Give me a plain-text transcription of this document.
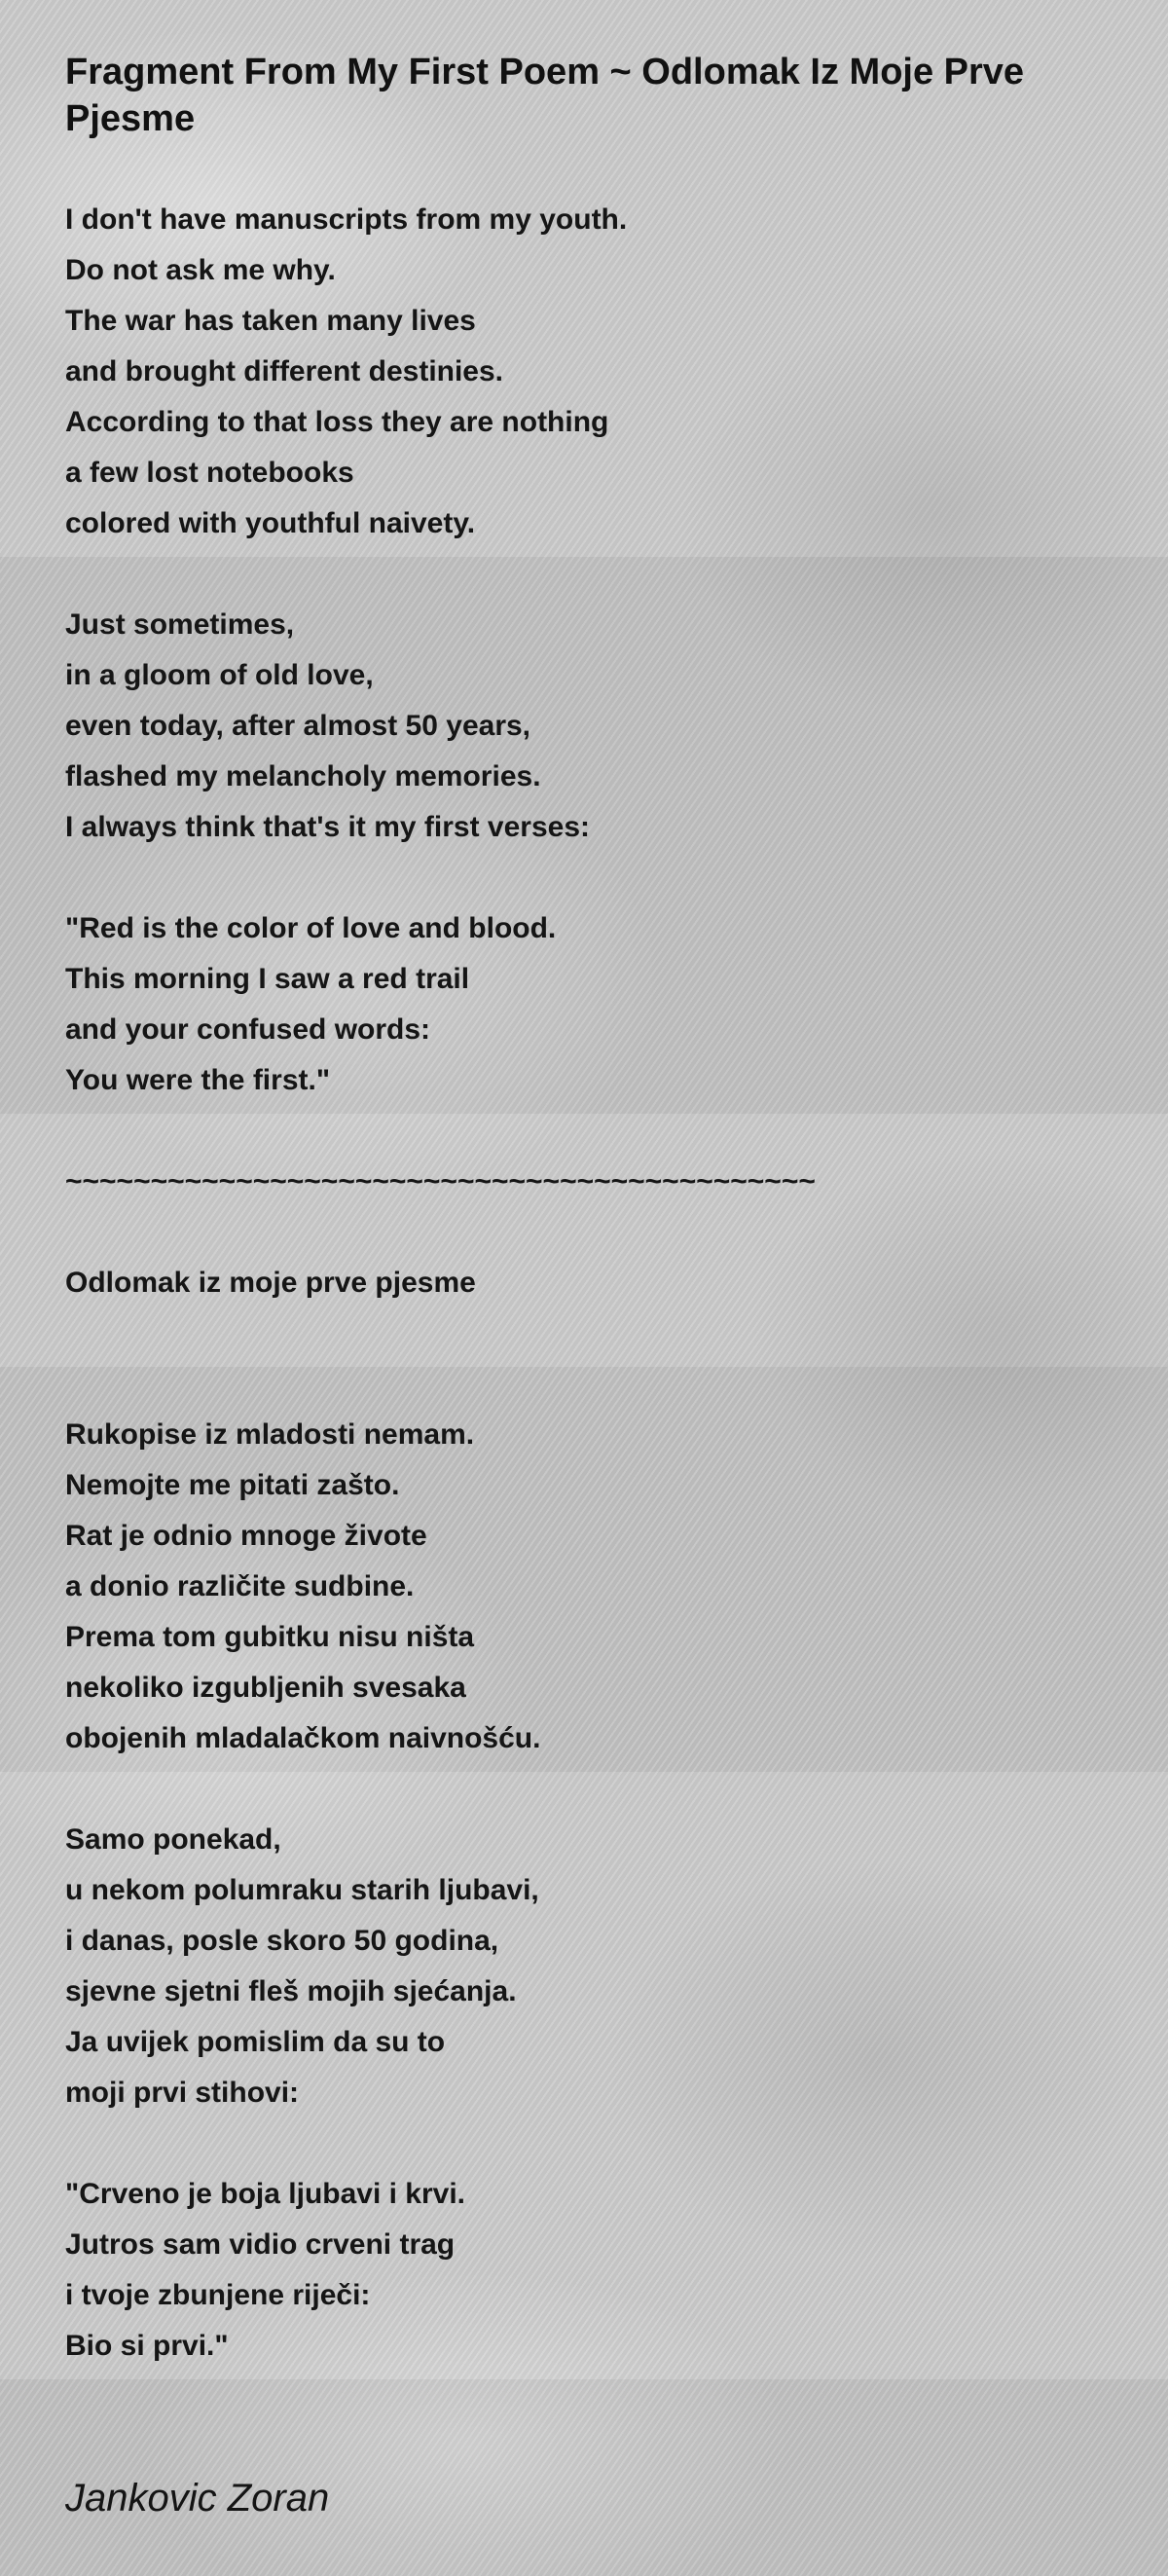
Fragment From My First Poem ~ Odlomak Iz Moje Prve Pjesme
I don't have manuscripts from my youth.
Do not ask me why.
The war has taken many lives
and brought different destinies.
According to that loss they are nothing
a few lost notebooks
colored with youthful naivety.
Just sometimes,
in a gloom of old love,
even today, after almost 50 years,
flashed my melancholy memories.
I always think that's it my first verses:
"Red is the color of love and blood.
This morning I saw a red trail
and your confused words:
You were the first."
~~~~~~~~~~~~~~~~~~~~~~~~~~~~~~~~~~~~~~~~~~~~
Odlomak iz moje prve pjesme
Rukopise iz mladosti nemam.
Nemojte me pitati zašto.
Rat je odnio mnoge živote
a donio različite sudbine.
Prema tom gubitku nisu ništa
nekoliko izgubljenih svesaka
obojenih mladalačkom naivnošću.
Samo ponekad,
u nekom polumraku starih ljubavi,
i danas, posle skoro 50 godina,
sjevne sjetni fleš mojih sjećanja.
Ja uvijek pomislim da su to
moji prvi stihovi:
"Crveno je boja ljubavi i krvi.
Jutros sam vidio crveni trag
i tvoje zbunjene riječi:
Bio si prvi."
Jankovic Zoran
